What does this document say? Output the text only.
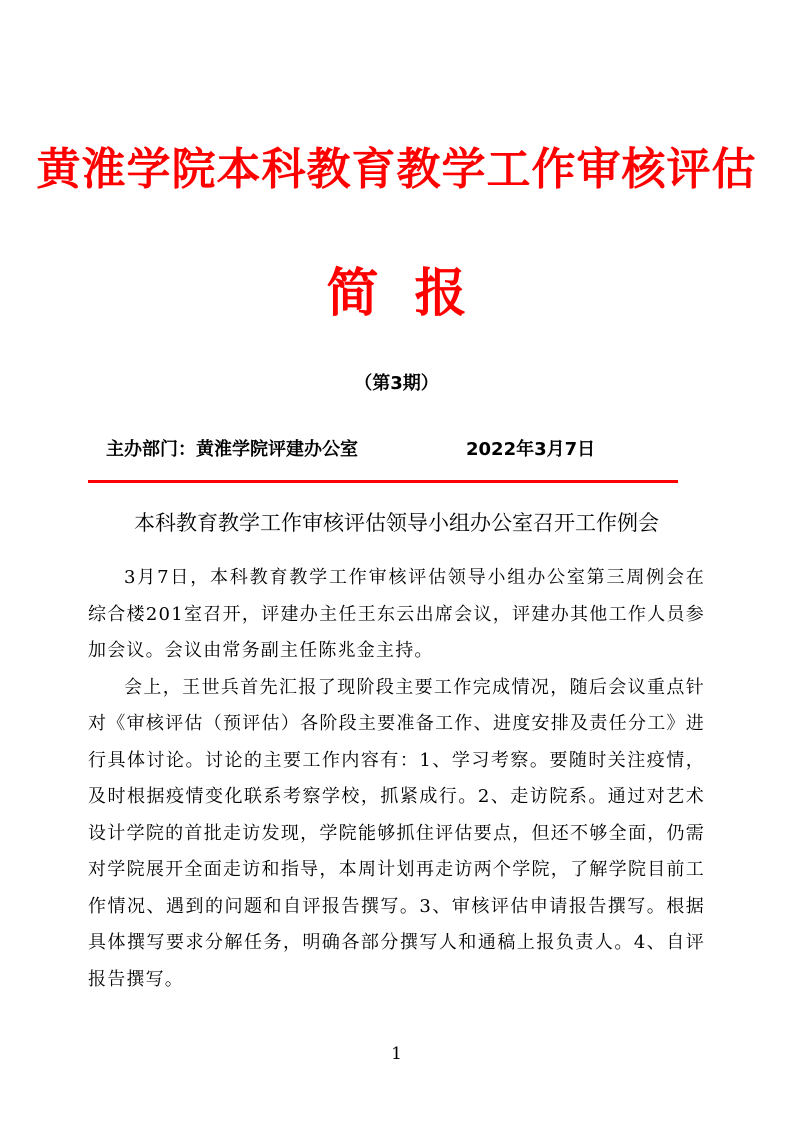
黄淮学院本科教育教学工作审核评估
简报
（第3期）
主办部门：黄淮学院评建办公室	2022年3月7日
本科教育教学工作审核评估领导小组办公室召开工作例会

3月7日，本科教育教学工作审核评估领导小组办公室第三周例会在综合楼201室召开，评建办主任王东云出席会议，评建办其他工作人员参加会议。会议由常务副主任陈兆金主持。

会上，王世兵首先汇报了现阶段主要工作完成情况，随后会议重点针对《审核评估（预评估）各阶段主要准备工作、进度安排及责任分工》进行具体讨论。讨论的主要工作内容有：1、学习考察。要随时关注疫情，及时根据疫情变化联系考察学校，抓紧成行。2、走访院系。通过对艺术设计学院的首批走访发现，学院能够抓住评估要点，但还不够全面，仍需对学院展开全面走访和指导，本周计划再走访两个学院，了解学院目前工作情况、遇到的问题和自评报告撰写。3、审核评估申请报告撰写。根据具体撰写要求分解任务，明确各部分撰写人和通稿上报负责人。4、自评报告撰写。

1
